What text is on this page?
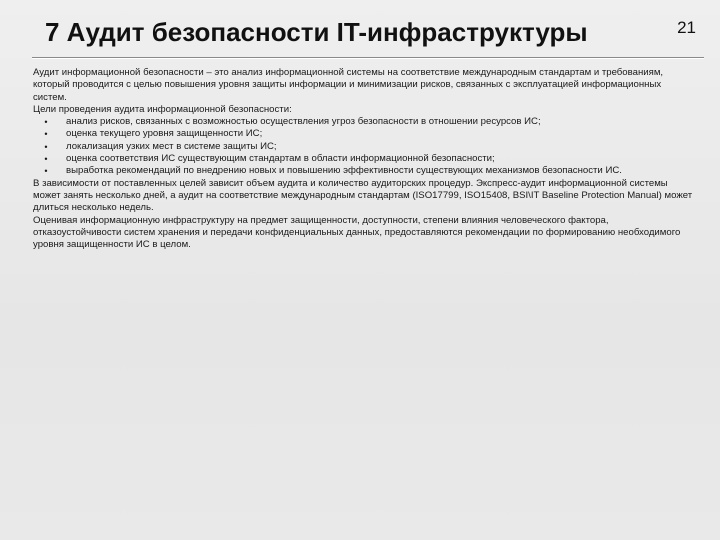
7 Аудит безопасности IT-инфраструктуры	21

Аудит информационной безопасности – это анализ информационной системы на соответствие международным стандартам и требованиям, который проводится с целью повышения уровня защиты информации и минимизации рисков, связанных с эксплуатацией информационных систем.

Цели проведения аудита информационной безопасности:

•	анализ рисков, связанных с возможностью осуществления угроз безопасности в отношении ресурсов ИС;
•	оценка текущего уровня защищенности ИС;
•	локализация узких мест в системе защиты ИС;
•	оценка соответствия ИС существующим стандартам в области информационной безопасности;
•	выработка рекомендаций по внедрению новых и повышению эффективности существующих механизмов безопасности ИС.

В зависимости от поставленных целей зависит объем аудита и количество аудиторских процедур. Экспресс-аудит информационной системы может занять несколько дней, а аудит на соответствие международным стандартам (ISO17799, ISO15408, BSI\IT Baseline Protection Manual) может длиться несколько недель.

Оценивая информационную инфраструктуру на предмет защищенности, доступности, степени влияния человеческого фактора, отказоустойчивости систем хранения и передачи конфиденциальных данных, предоставляются рекомендации по формированию необходимого уровня защищенности ИС в целом.
